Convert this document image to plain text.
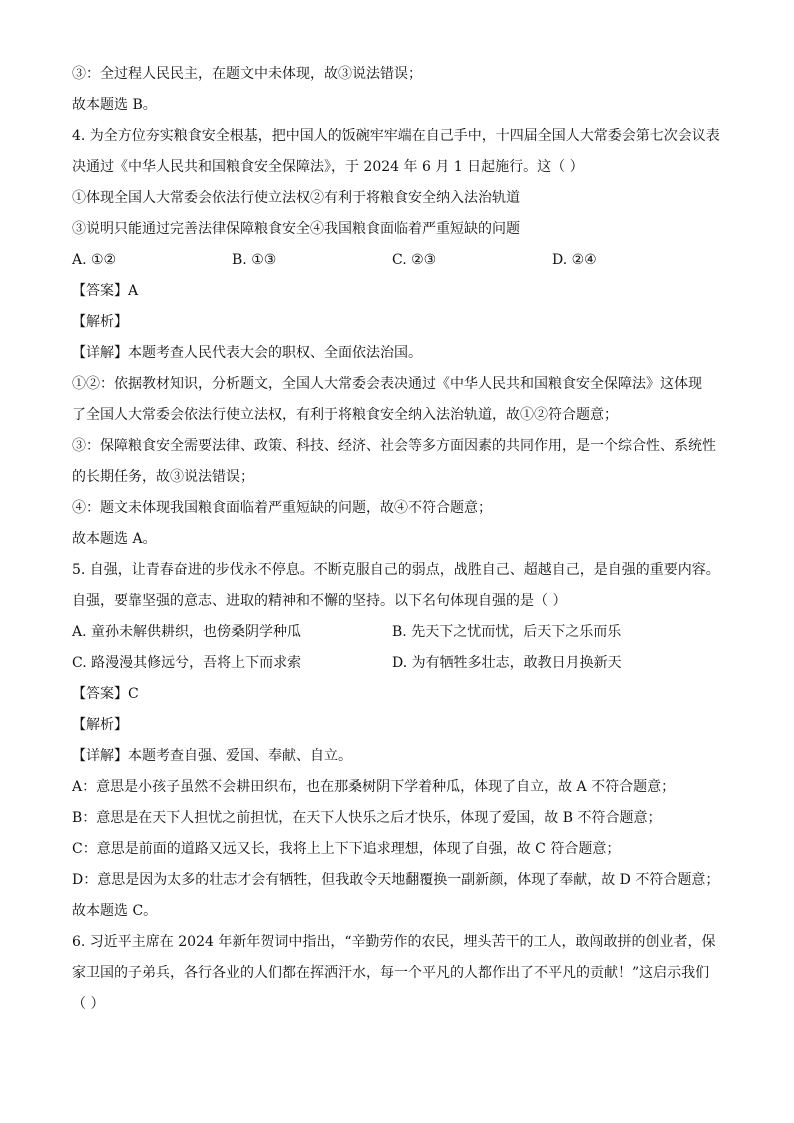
③：全过程人民民主，在题文中未体现，故③说法错误；
故本题选 B。
4. 为全方位夯实粮食安全根基，把中国人的饭碗牢牢端在自己手中，十四届全国人大常委会第七次会议表
决通过《中华人民共和国粮食安全保障法》，于 2024 年 6 月 1 日起施行。这（ ）
①体现全国人大常委会依法行使立法权②有利于将粮食安全纳入法治轨道
③说明只能通过完善法律保障粮食安全④我国粮食面临着严重短缺的问题
A. ①②	B. ①③	C. ②③	D. ②④
【答案】A
【解析】
【详解】本题考查人民代表大会的职权、全面依法治国。
①②：依据教材知识，分析题文，全国人大常委会表决通过《中华人民共和国粮食安全保障法》这体现
了全国人大常委会依法行使立法权，有利于将粮食安全纳入法治轨道，故①②符合题意；
③：保障粮食安全需要法律、政策、科技、经济、社会等多方面因素的共同作用，是一个综合性、系统性
的长期任务，故③说法错误；
④：题文未体现我国粮食面临着严重短缺的问题，故④不符合题意；
故本题选 A。
5. 自强，让青春奋进的步伐永不停息。不断克服自己的弱点，战胜自己、超越自己，是自强的重要内容。
自强，要靠坚强的意志、进取的精神和不懈的坚持。以下名句体现自强的是（ ）
A. 童孙未解供耕织，也傍桑阴学种瓜	B. 先天下之忧而忧，后天下之乐而乐
C. 路漫漫其修远兮，吾将上下而求索	D. 为有牺牲多壮志，敢教日月换新天
【答案】C
【解析】
【详解】本题考查自强、爱国、奉献、自立。
A：意思是小孩子虽然不会耕田织布，也在那桑树阴下学着种瓜，体现了自立，故 A 不符合题意；
B：意思是在天下人担忧之前担忧，在天下人快乐之后才快乐，体现了爱国，故 B 不符合题意；
C：意思是前面的道路又远又长，我将上上下下追求理想，体现了自强，故 C 符合题意；
D：意思是因为太多的壮志才会有牺牲，但我敢令天地翻覆换一副新颜，体现了奉献，故 D 不符合题意；
故本题选 C。
6. 习近平主席在 2024 年新年贺词中指出，“辛勤劳作的农民，埋头苦干的工人，敢闯敢拼的创业者，保
家卫国的子弟兵，各行各业的人们都在挥洒汗水，每一个平凡的人都作出了不平凡的贡献！”这启示我们
（ ）
